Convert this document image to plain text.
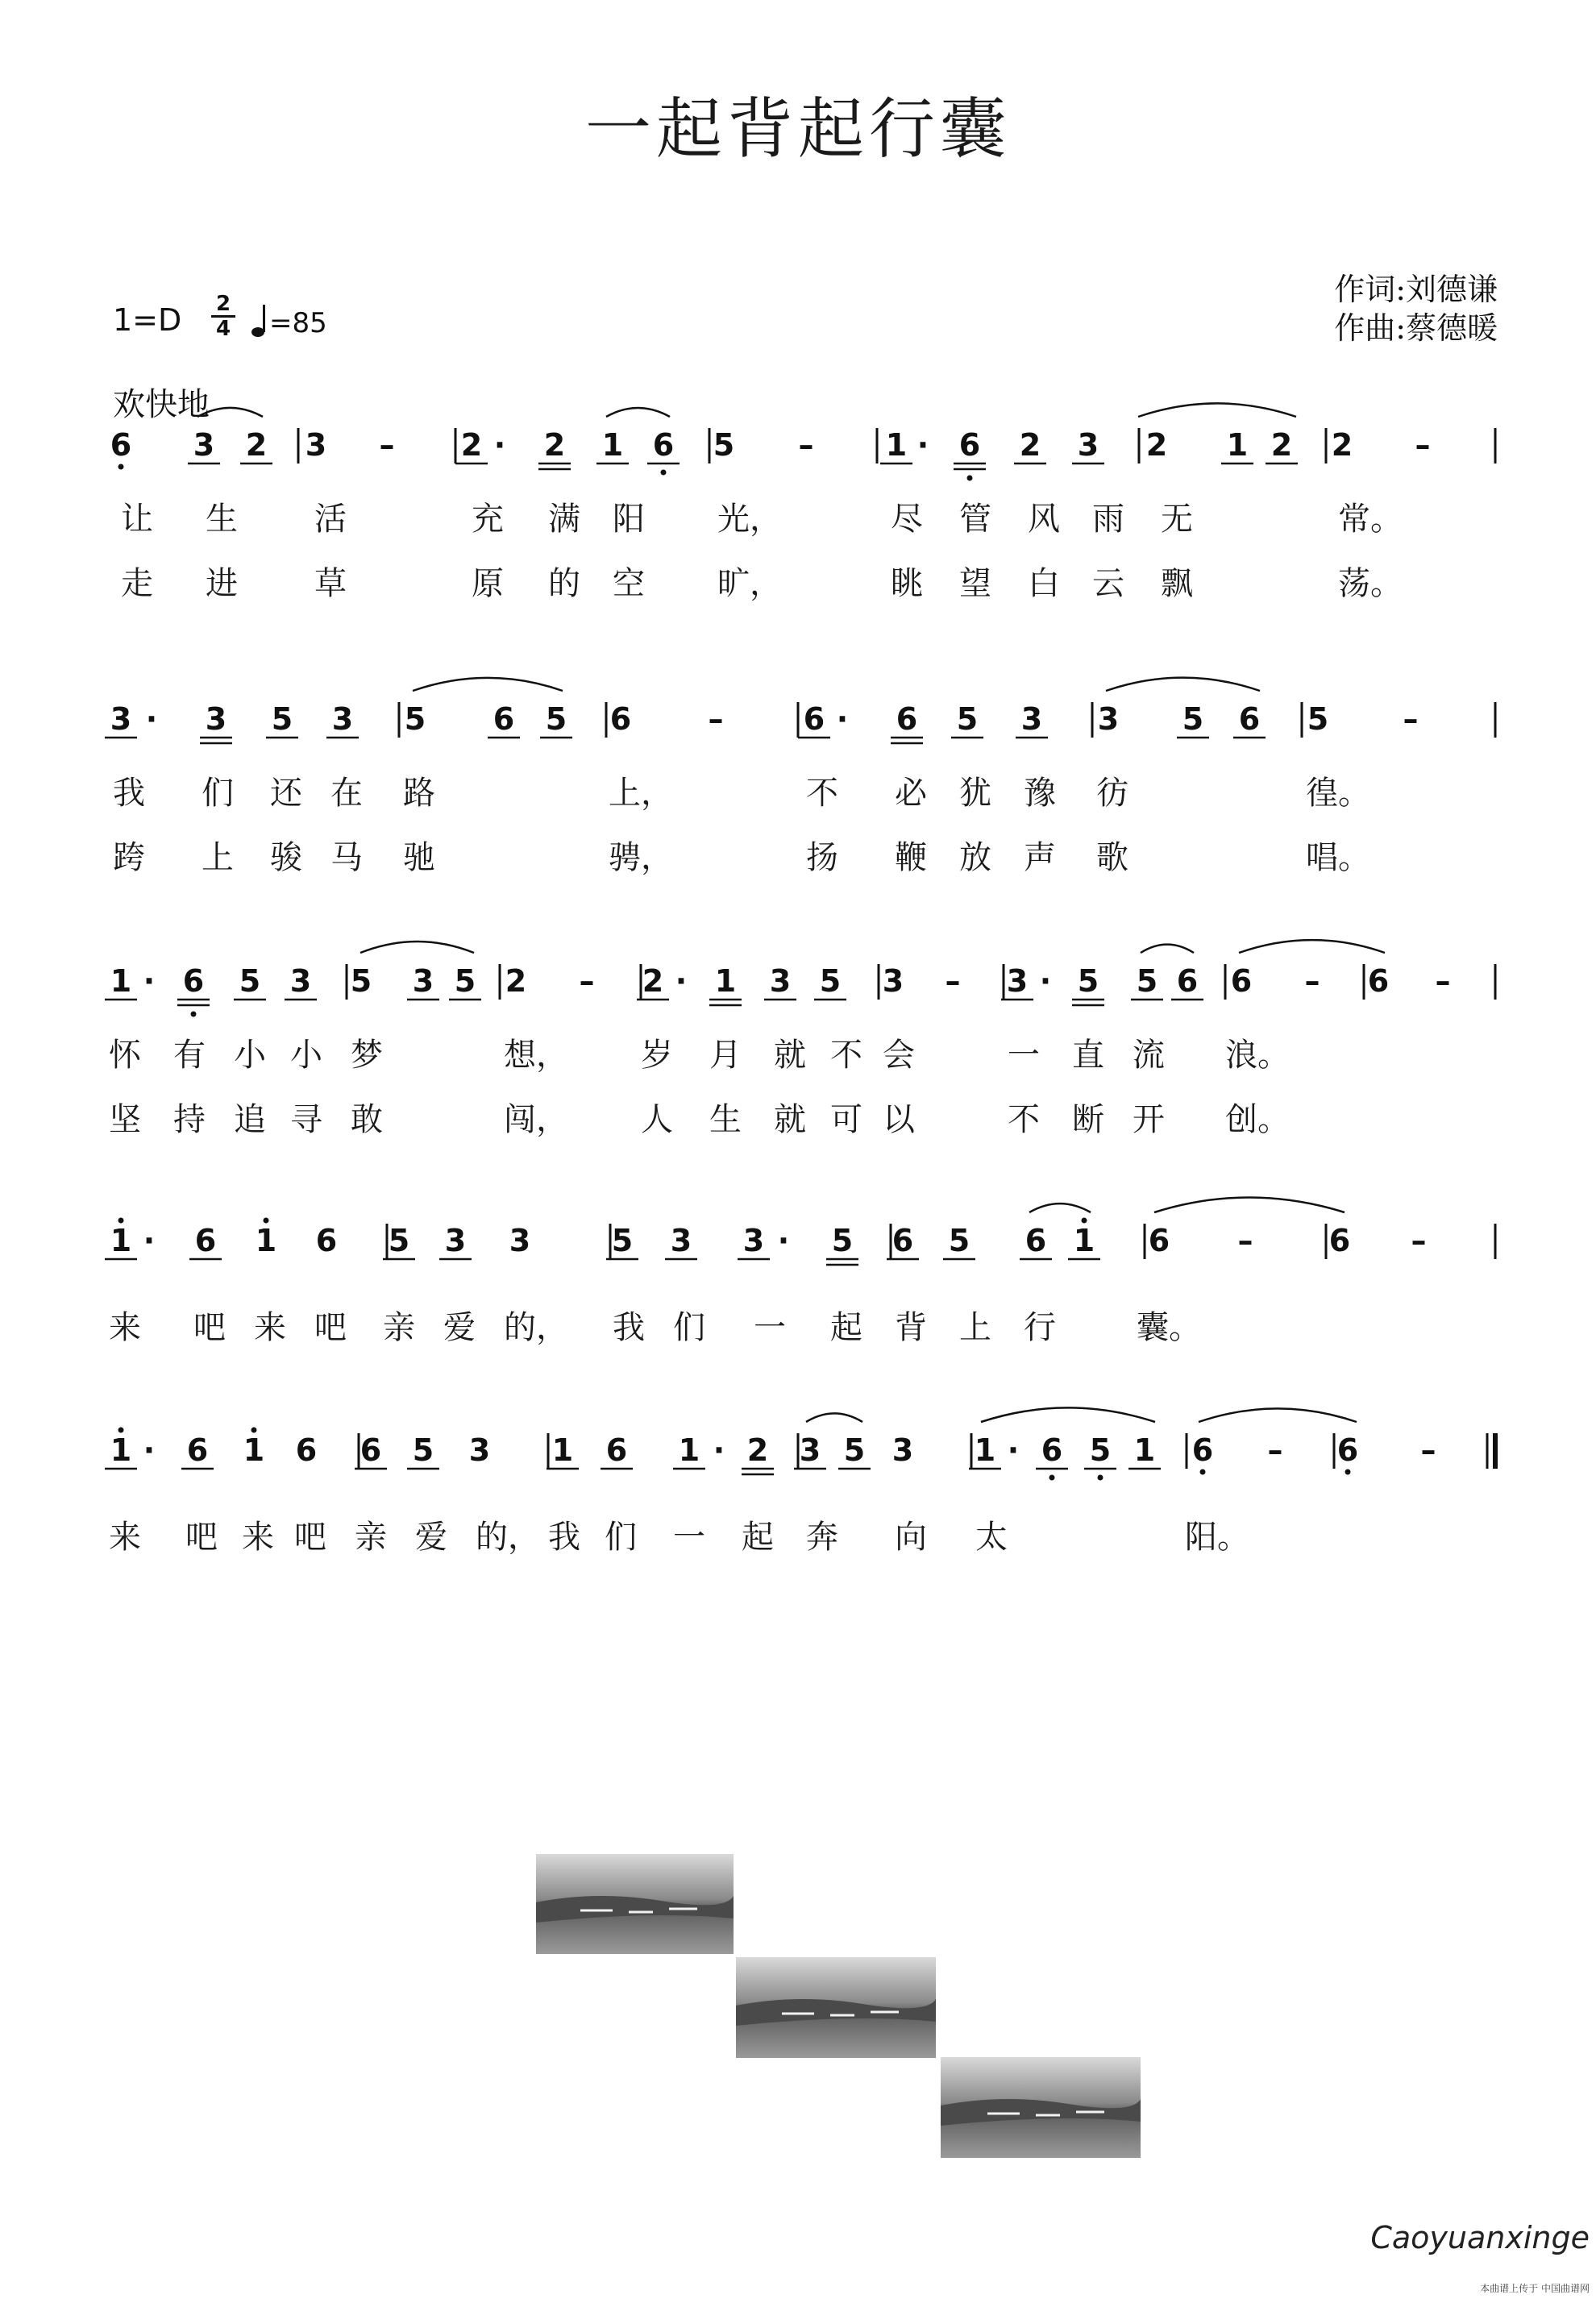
一起背起行囊
1=D 2
4	=85
欢快地
作词:刘德谦
作曲:蔡德暖
6 3 2 3 – 2 · 2 1 6 5 – 1 · 6 2 3 2 1 2 2 –
让 生 活	充 满 阳 光，	尽 管 风 雨 无	常。
走 进 草	原 的 空 旷，	眺 望 白 云 飘	荡。
3 · 3 5 3 5 6 5 6	–	6 · 6 5 3 3 5 6 5 –
我 们 还 在 路	上，	不 必 犹 豫 彷	徨。
跨 上 骏 马 驰	骋，	扬 鞭 放 声 歌	唱。
1 · 6 5 3 5 3 5 2 – 2 · 1 3 5 3 – 3 · 5 5 6 6 – 6 –
怀 有 小 小 梦	想， 岁 月 就 不 会	一 直 流 浪。
坚 持 追 寻 敢	闯， 人 生 就 可 以	不 断 开 创。
1 · 6 1 6 5 3 3	5 3 3 · 5 6 5 6 1 6 – 6 –
来 吧 来 吧 亲 爱 的， 我 们 一 起 背 上 行	囊。
1 · 6 1 6 6 5 3 1 6 1 · 2 3 5 3 1 · 6 5 1 6 – 6 –
来 吧 来 吧 亲 爱 的， 我 们 一 起 奔 向 太	阳。
Caoyuanxinge
本曲谱上传于 中国曲谱网
